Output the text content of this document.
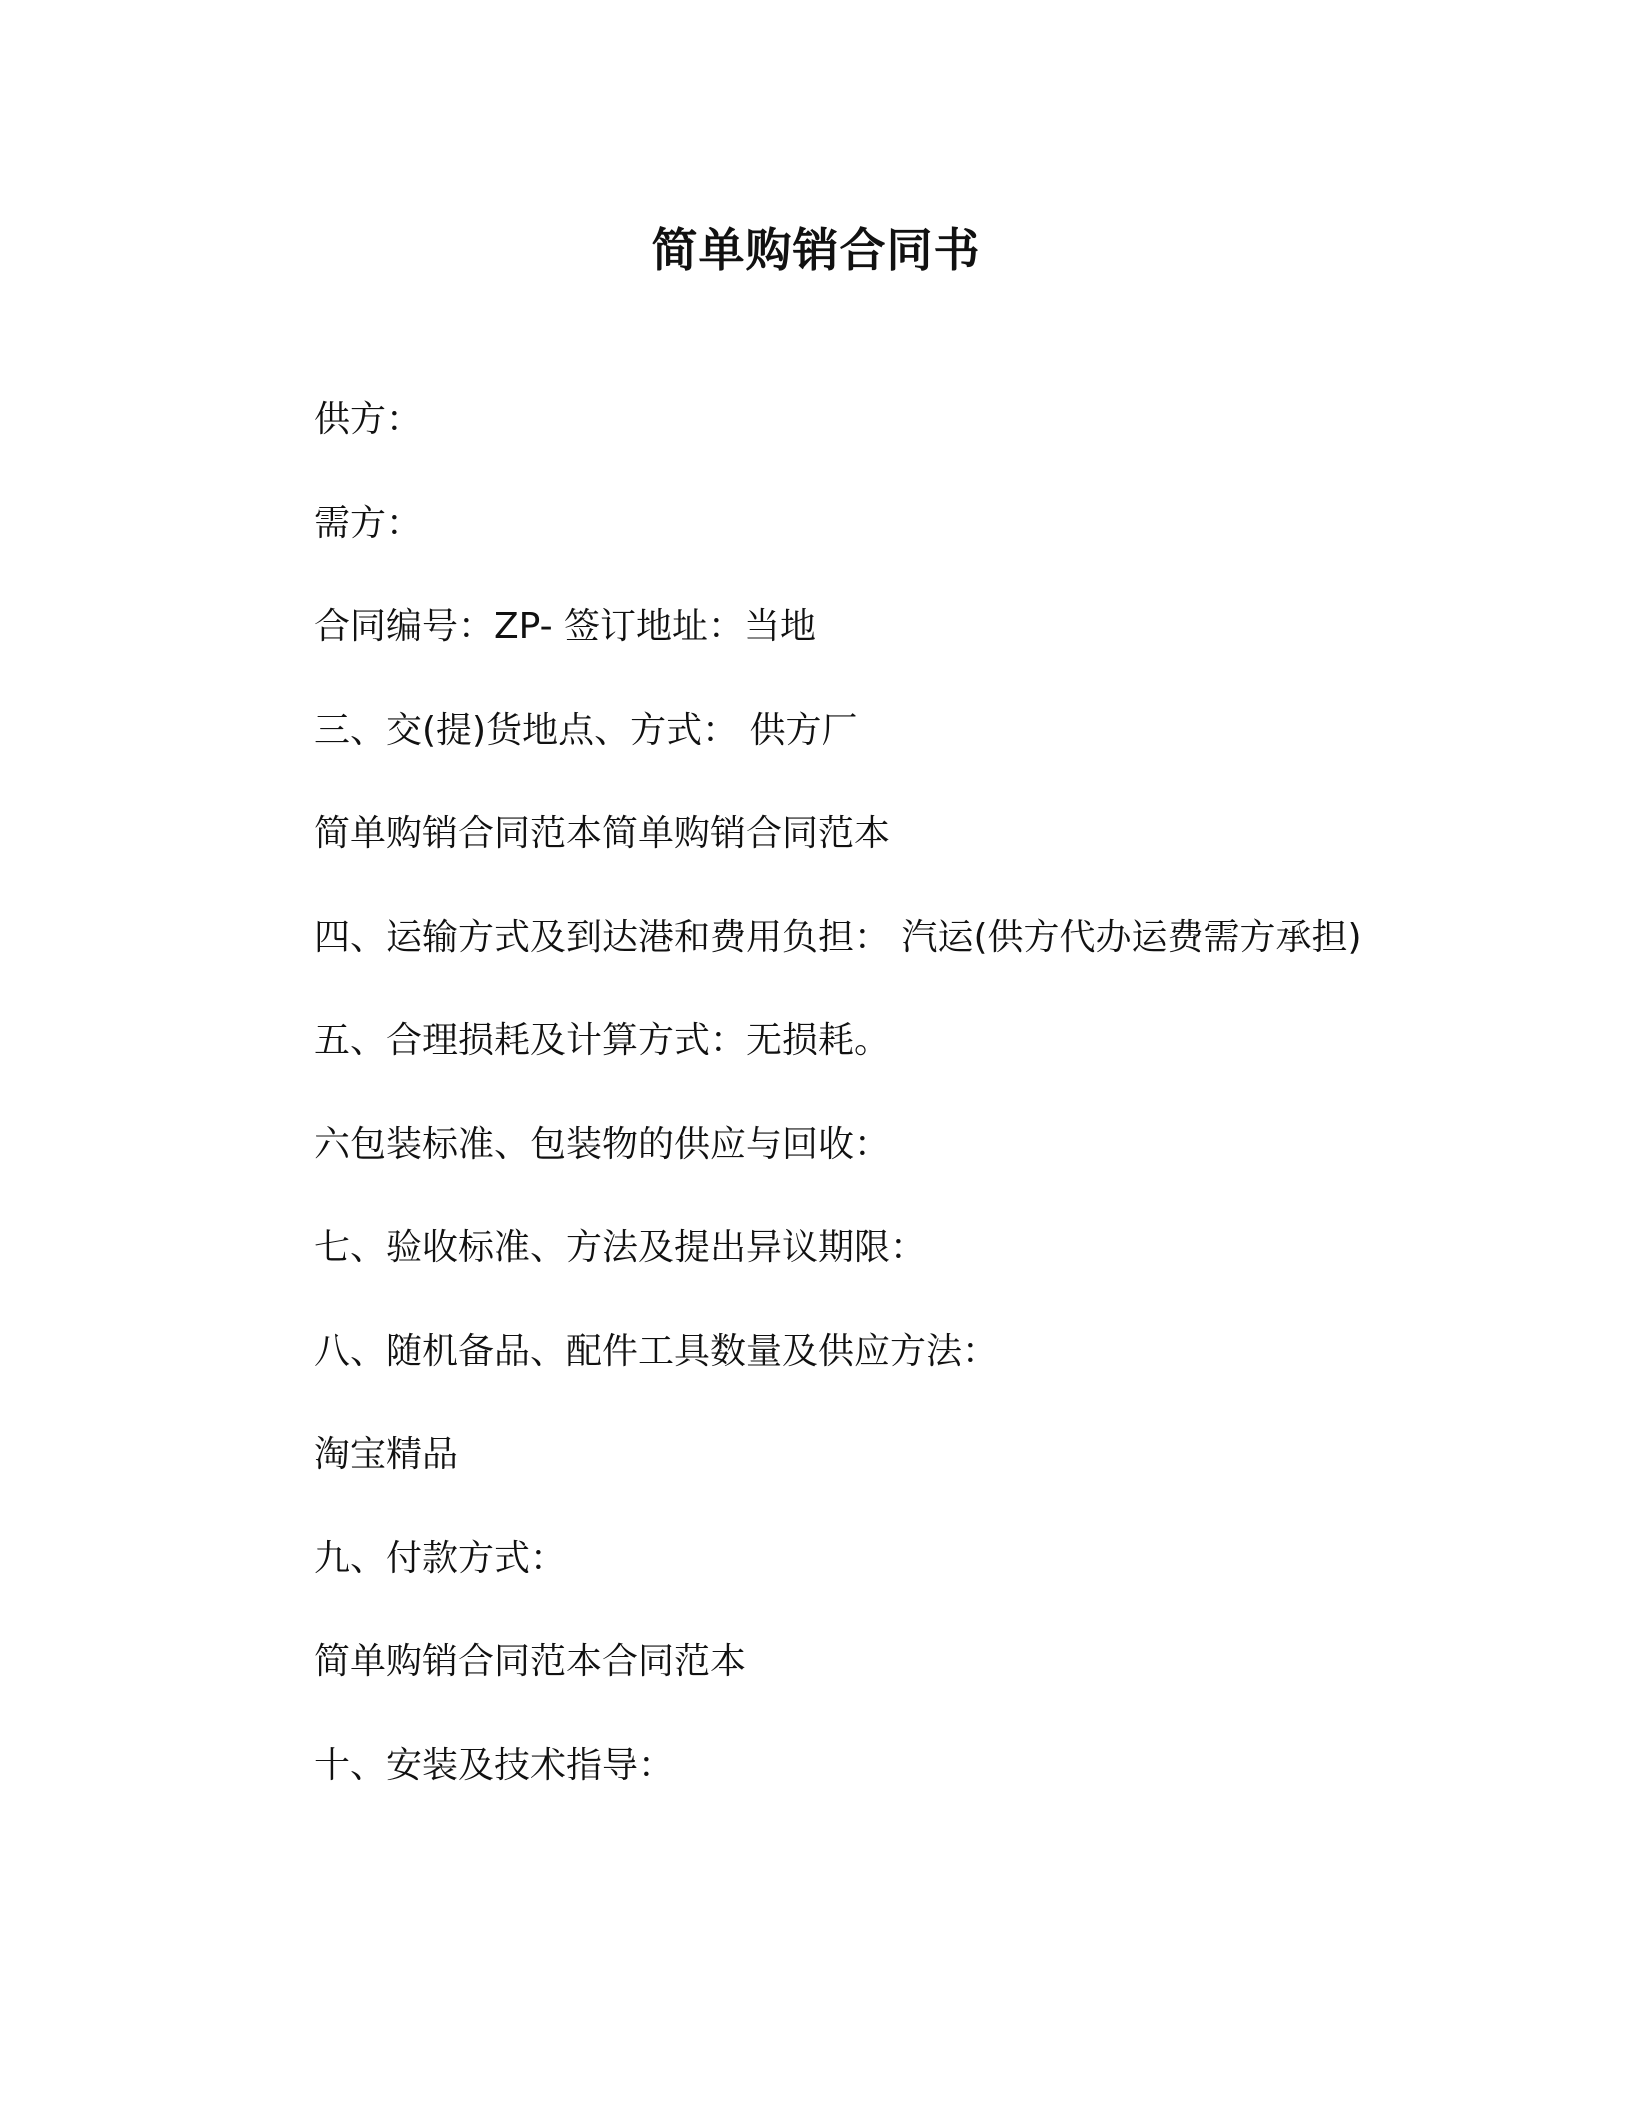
简单购销合同书
供方：
需方：
合同编号：ZP- 签订地址：当地
三、交(提)货地点、方式： 供方厂
简单购销合同范本简单购销合同范本
四、运输方式及到达港和费用负担： 汽运(供方代办运费需方承担)
五、合理损耗及计算方式：无损耗。
六包装标准、包装物的供应与回收：
七、验收标准、方法及提出异议期限：
八、随机备品、配件工具数量及供应方法：
淘宝精品
九、付款方式：
简单购销合同范本合同范本
十、安装及技术指导：
